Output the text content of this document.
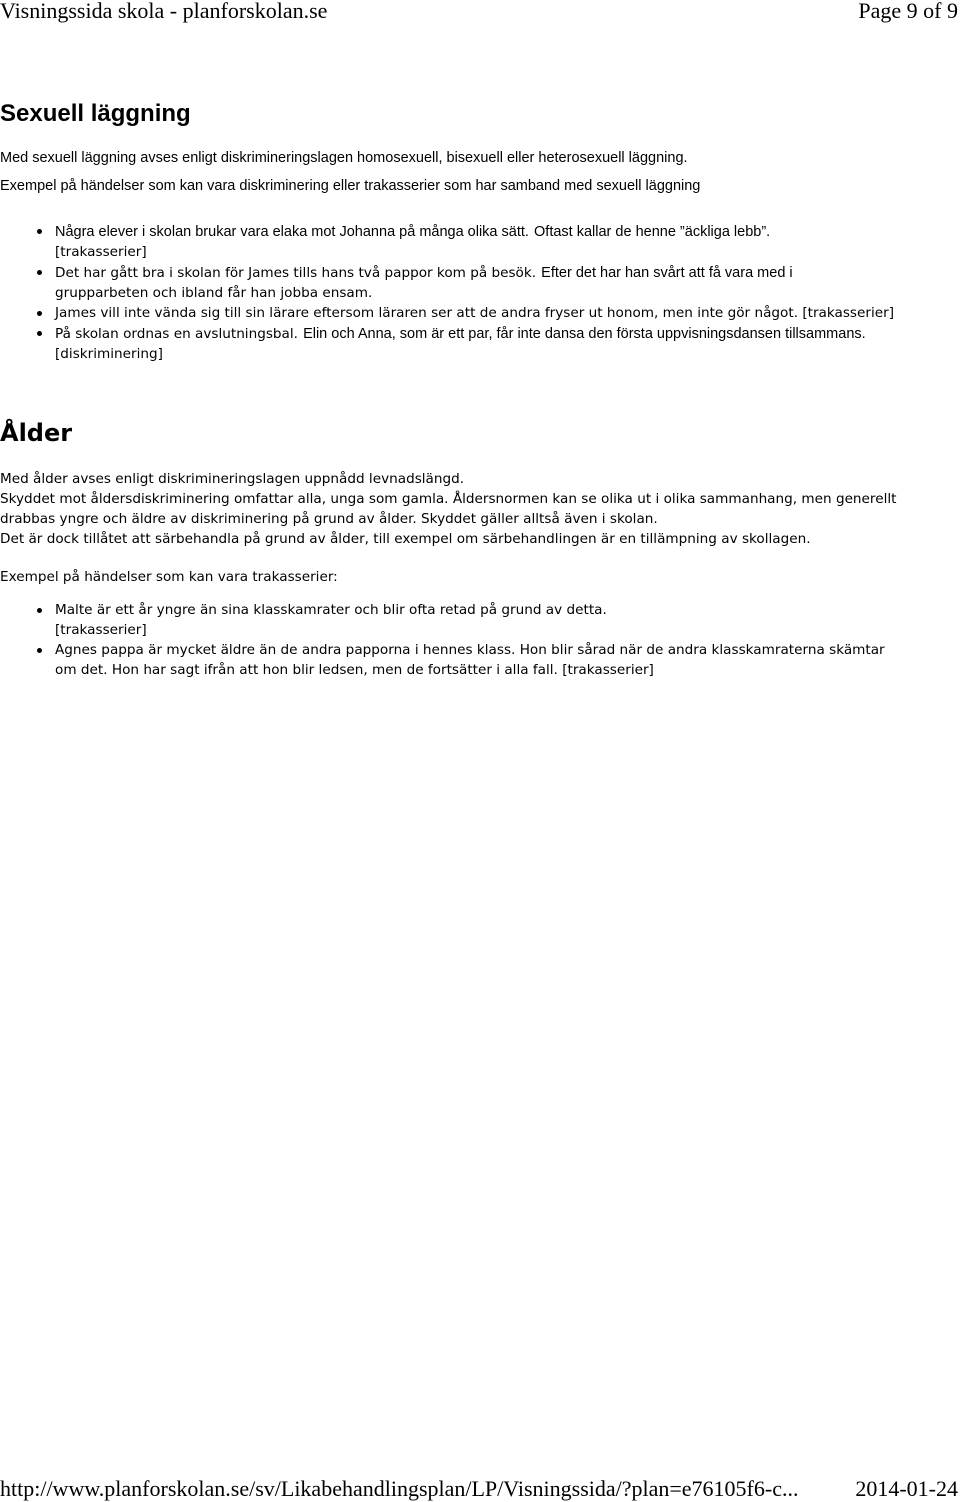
Visningssida skola - planforskolan.se	Page 9 of 9
Sexuell läggning
Med sexuell läggning avses enligt diskrimineringslagen homosexuell, bisexuell eller heterosexuell läggning.
Exempel på händelser som kan vara diskriminering eller trakasserier som har samband med sexuell läggning
Några elever i skolan brukar vara elaka mot Johanna på många olika sätt. Oftast kallar de henne ”äckliga lebb”.
[trakasserier]
Det har gått bra i skolan för James tills hans två pappor kom på besök. Efter det har han svårt att få vara med i
grupparbeten och ibland får han jobba ensam.
James vill inte vända sig till sin lärare eftersom läraren ser att de andra fryser ut honom, men inte gör något. [trakasserier]
På skolan ordnas en avslutningsbal. Elin och Anna, som är ett par, får inte dansa den första uppvisningsdansen tillsammans.
[diskriminering]
Ålder
Med ålder avses enligt diskrimineringslagen uppnådd levnadslängd.
Skyddet mot åldersdiskriminering omfattar alla, unga som gamla. Åldersnormen kan se olika ut i olika sammanhang, men generellt
drabbas yngre och äldre av diskriminering på grund av ålder. Skyddet gäller alltså även i skolan.
Det är dock tillåtet att särbehandla på grund av ålder, till exempel om särbehandlingen är en tillämpning av skollagen.
Exempel på händelser som kan vara trakasserier:
Malte är ett år yngre än sina klasskamrater och blir ofta retad på grund av detta.
[trakasserier]
Agnes pappa är mycket äldre än de andra papporna i hennes klass. Hon blir sårad när de andra klasskamraterna skämtar
om det. Hon har sagt ifrån att hon blir ledsen, men de fortsätter i alla fall. [trakasserier]
http://www.planforskolan.se/sv/Likabehandlingsplan/LP/Visningssida/?plan=e76105f6-c...	2014-01-24
